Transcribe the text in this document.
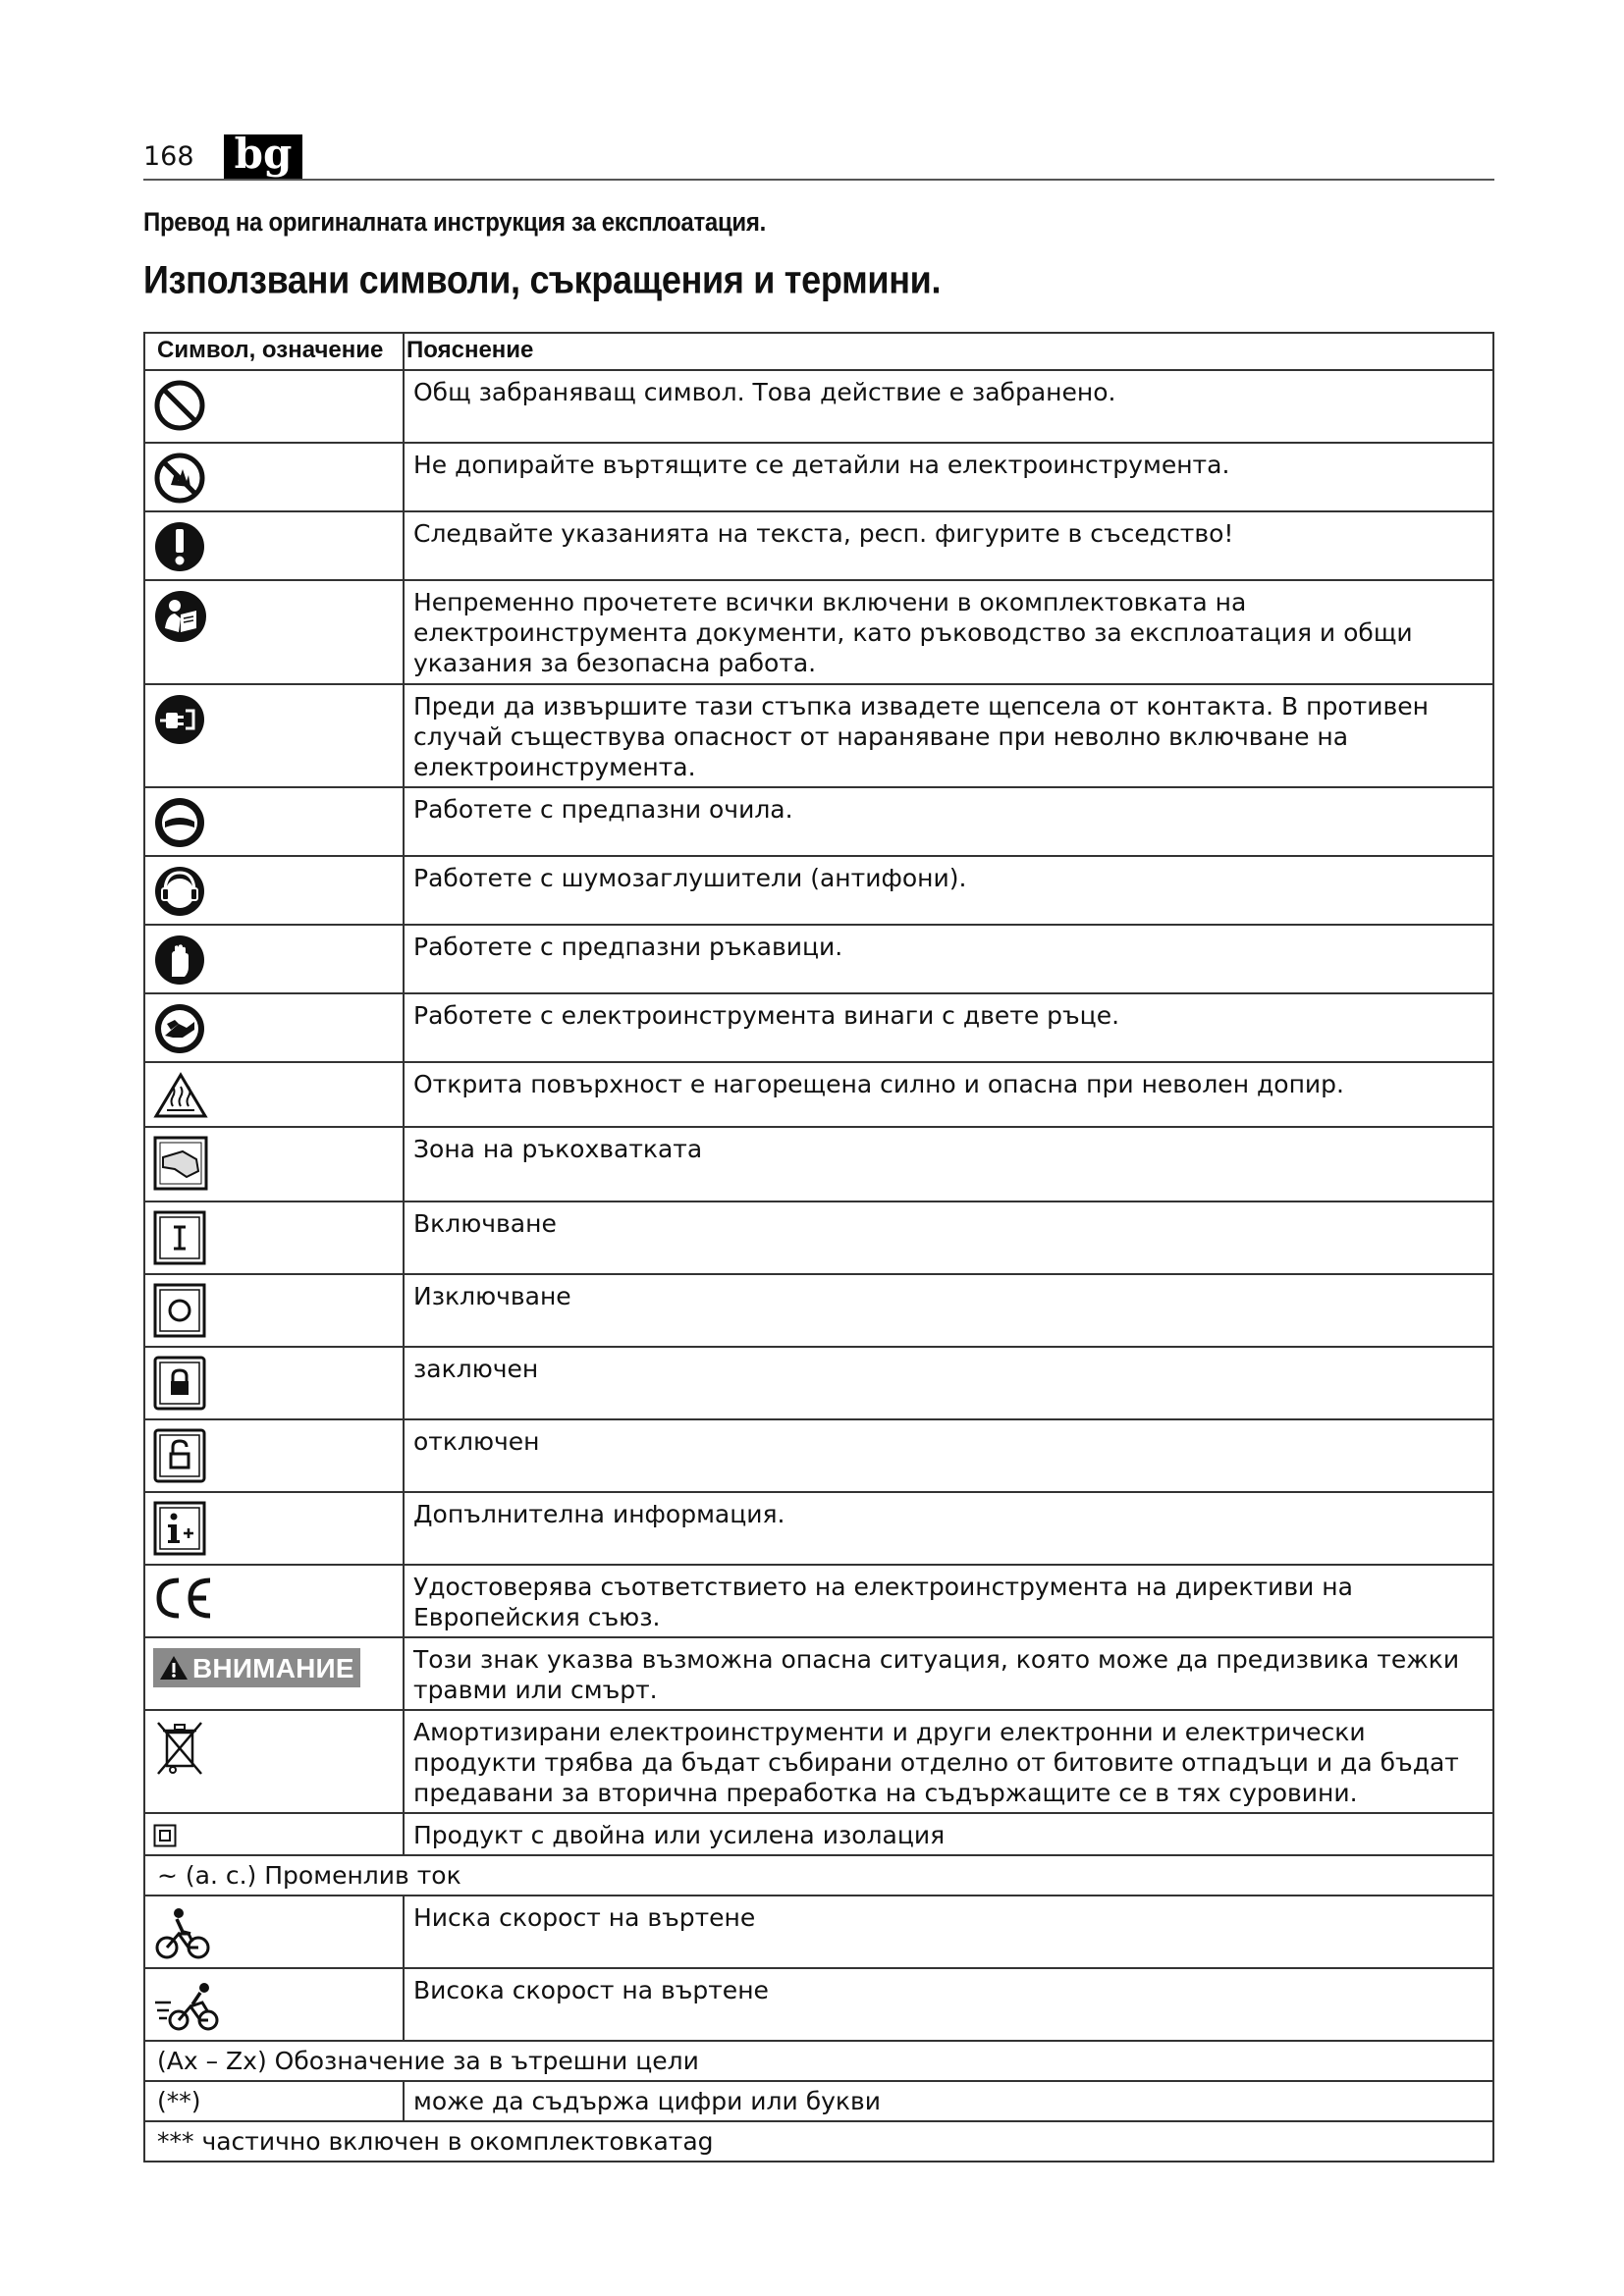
168 bg
Превод на оригиналната инструкция за експлоатация.
Използвани символи, съкращения и термини.
Символ, означение	Пояснение

	Общ забраняващ символ. Това действие е забранено.

	Не допирайте въртящите се детайли на електроинструмента.

	Следвайте указанията на текста, респ. фигурите в съседство!

	Непременно прочетете всички включени в окомплектовката на електроинструмента документи, като ръководство за експлоатация и общи указания за безопасна работа.

	Преди да извършите тази стъпка извадете щепсела от контакта. В противен случай съществува опасност от нараняване при неволно включване на електроинструмента.

	Работете с предпазни очила.

	Работете с шумозаглушители (антифони).

	Работете с предпазни ръкавици.

	Работете с електроинструмента винаги с двете ръце.

	Открита повърхност е нагорещена силно и опасна при неволен допир.

	Зона на ръкохватката

	Включване

	Изключване

	заключен

	отключен

	Допълнителна информация.

	Удостоверява съответствието на електроинструмента на директиви на Европейския съюз.

ВНИМАНИЕ	Този знак указва възможна опасна ситуация, която може да предизвика тежки травми или смърт.

	Амортизирани електроинструменти и други електронни и електрически продукти трябва да бъдат събирани отделно от битовите отпадъци и да бъдат предавани за вторична преработка на съдържащите се в тях суровини.

	Продукт с двойна или усилена изолация
~ (a. c.) Променлив ток	

	Ниска скорост на въртене

	Висока скорост на въртене
(Ax – Zx) Обозначение за в ътрешни цели	
(**)	може да съдържа цифри или букви
*** частично включен в окомплектовкатаg	
